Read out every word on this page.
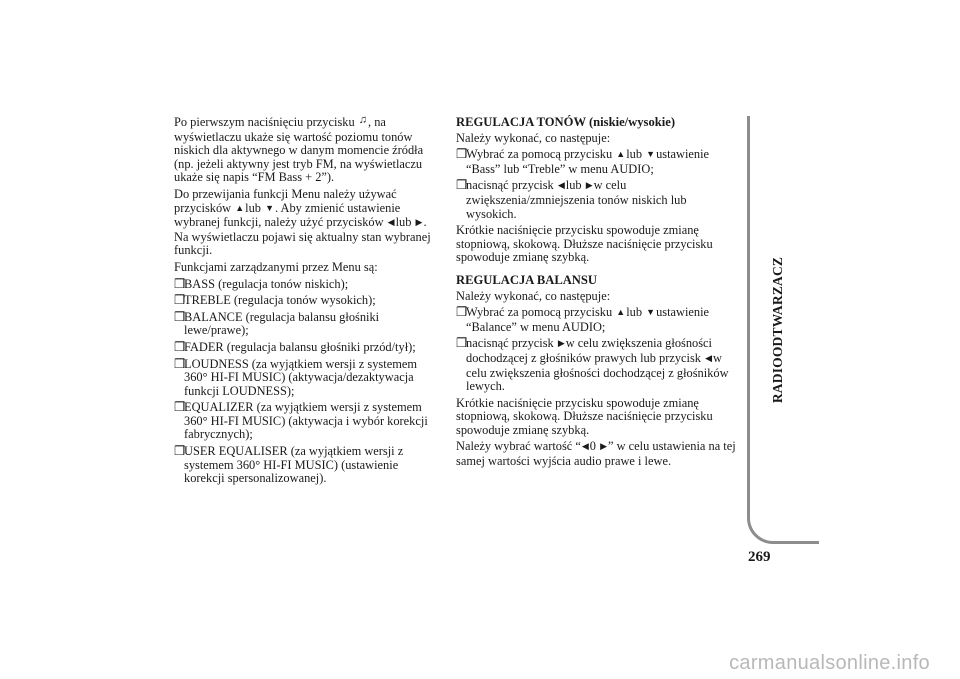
Po pierwszym naciśnięciu przycisku ♫, na wyświetlaczu ukaże się wartość poziomu tonów niskich dla aktywnego w danym momencie źródła (np. jeżeli aktywny jest tryb FM, na wyświetlaczu ukaże się napis “FM Bass + 2”).

Do przewijania funkcji Menu należy używać przycisków ▲lub ▼. Aby zmienić ustawienie wybranej funkcji, należy użyć przycisków ◀lub ▶. Na wyświetlaczu pojawi się aktualny stan wybranej funkcji.

Funkcjami zarządzanymi przez Menu są:

❒
BASS (regulacja tonów niskich);
❒
TREBLE (regulacja tonów wysokich);
❒
BALANCE (regulacja balansu głośniki lewe/prawe);
❒
FADER (regulacja balansu głośniki przód/tył);
❒
LOUDNESS (za wyjątkiem wersji z systemem 360° HI-FI MUSIC) (aktywacja/dezaktywacja funkcji LOUDNESS);
❒
EQUALIZER (za wyjątkiem wersji z systemem 360° HI-FI MUSIC) (aktywacja i wybór korekcji fabrycznych);
❒
USER EQUALISER (za wyjątkiem wersji z systemem 360° HI-FI MUSIC) (ustawienie korekcji spersonalizowanej).
REGULACJA TONÓW (niskie/wysokie)

Należy wykonać, co następuje:

❒
Wybrać za pomocą przycisku ▲lub ▼ustawienie “Bass” lub “Treble” w menu AUDIO;
❒
nacisnąć przycisk ◀lub ▶w celu zwiększenia/zmniejszenia tonów niskich lub wysokich.

Krótkie naciśnięcie przycisku spowoduje zmianę stopniową, skokową. Dłuższe naciśnięcie przycisku spowoduje zmianę szybką.

REGULACJA BALANSU

Należy wykonać, co następuje:

❒
Wybrać za pomocą przycisku ▲lub ▼ustawienie “Balance” w menu AUDIO;
❒
nacisnąć przycisk ▶w celu zwiększenia głośności dochodzącej z głośników prawych lub przycisk ◀w celu zwiększenia głośności dochodzącej z głośników lewych.

Krótkie naciśnięcie przycisku spowoduje zmianę stopniową, skokową. Dłuższe naciśnięcie przycisku spowoduje zmianę szybką.

Należy wybrać wartość “◀0 ▶” w celu ustawienia na tej samej wartości wyjścia audio prawe i lewe.

RADIOODTWARZACZ
269
carmanualsonline.info
